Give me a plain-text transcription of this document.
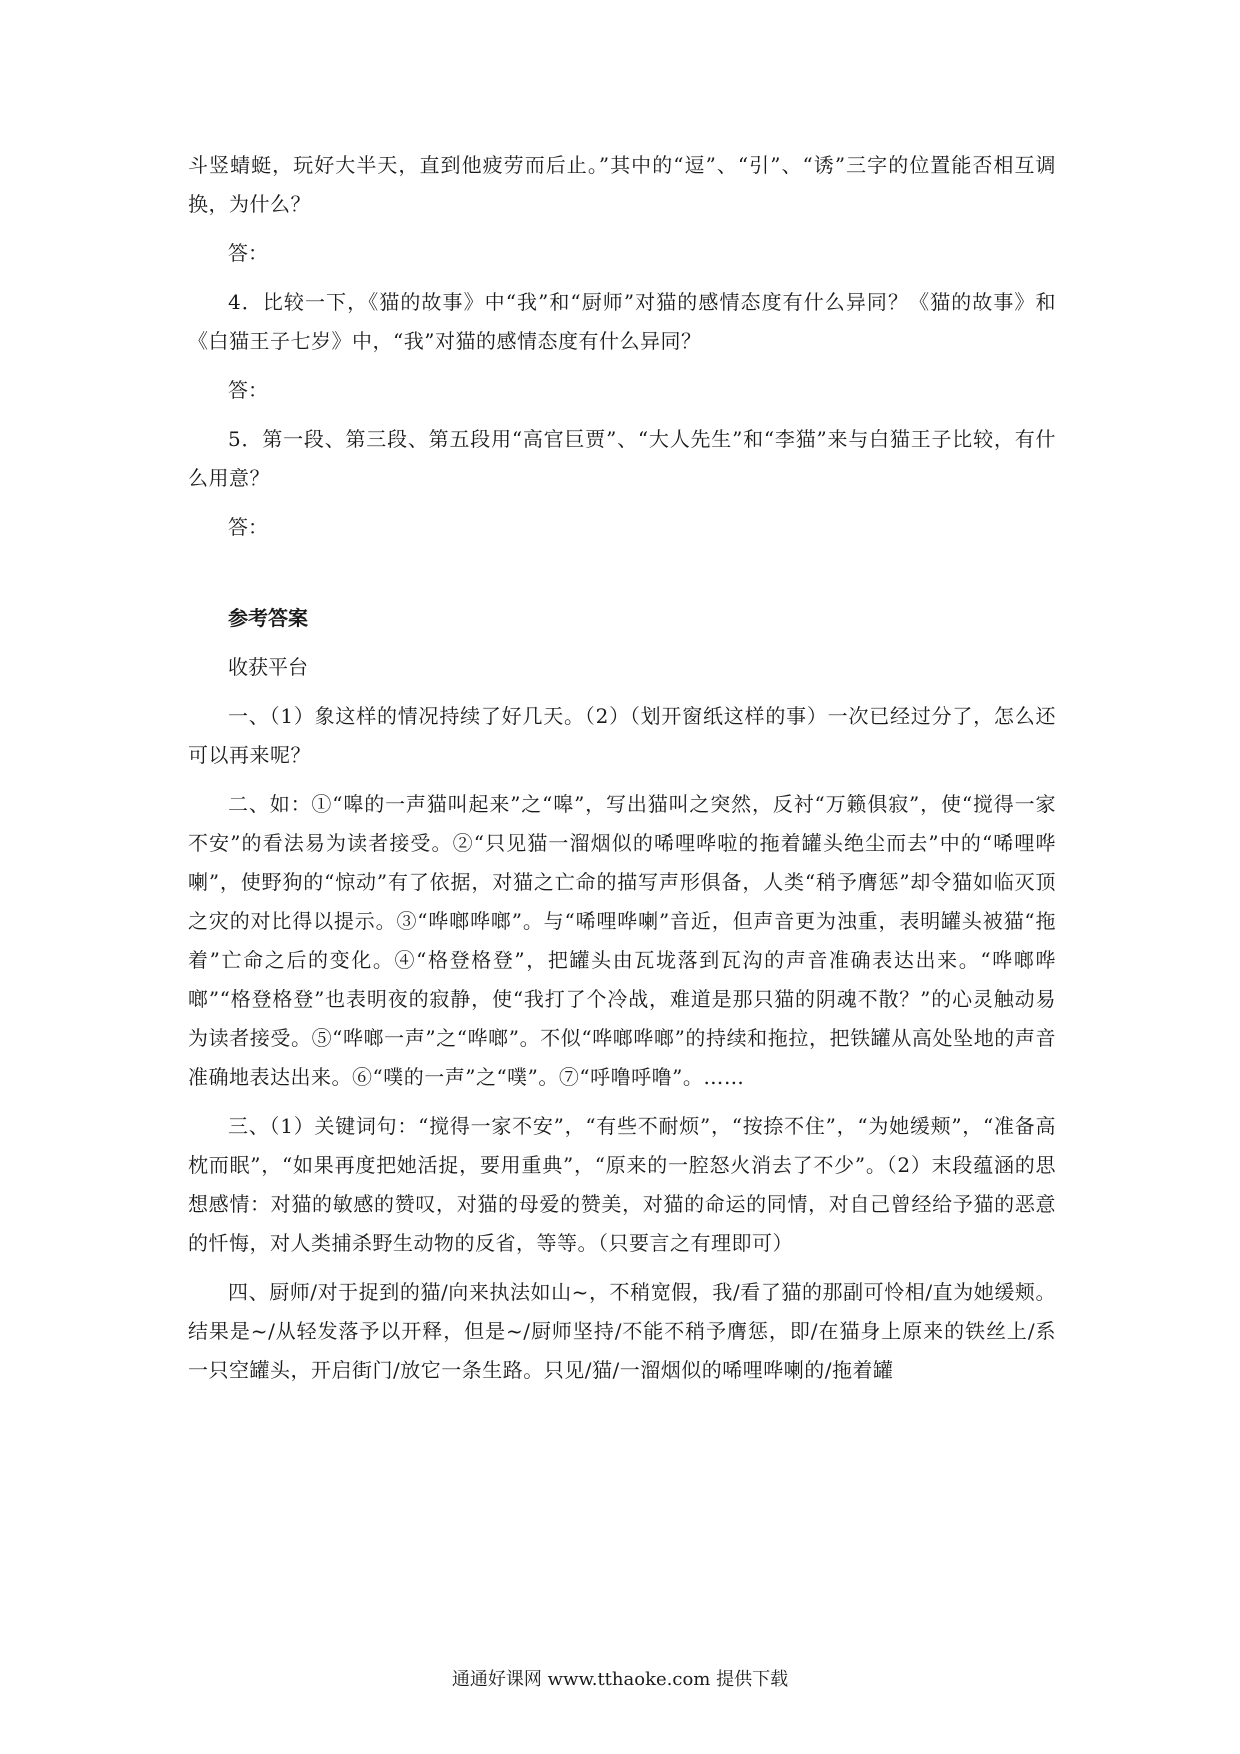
斗竖蜻蜓，玩好大半天，直到他疲劳而后止。”其中的“逗”、“引”、“诱”三字的位置能否相互调换，为什么？

答：

4．比较一下，《猫的故事》中“我”和“厨师”对猫的感情态度有什么异同？《猫的故事》和《白猫王子七岁》中，“我”对猫的感情态度有什么异同？

答：

5．第一段、第三段、第五段用“高官巨贾”、“大人先生”和“李猫”来与白猫王子比较，有什么用意？

答：

参考答案
收获平台

一、（1）象这样的情况持续了好几天。（2）（划开窗纸这样的事）一次已经过分了，怎么还可以再来呢？

二、如：①“嗥的一声猫叫起来”之“嗥”，写出猫叫之突然，反衬“万籁俱寂”，使“搅得一家不安”的看法易为读者接受。②“只见猫一溜烟似的唏哩哗啦的拖着罐头绝尘而去”中的“唏哩哗喇”，使野狗的“惊动”有了依据，对猫之亡命的描写声形俱备，人类“稍予膺惩”却令猫如临灭顶之灾的对比得以提示。③“哗啷哗啷”。与“唏哩哗喇”音近，但声音更为浊重，表明罐头被猫“拖着”亡命之后的变化。④“格登格登”，把罐头由瓦垅落到瓦沟的声音准确表达出来。“哗啷哗啷”“格登格登”也表明夜的寂静，使“我打了个冷战，难道是那只猫的阴魂不散？”的心灵触动易为读者接受。⑤“哗啷一声”之“哗啷”。不似“哗啷哗啷”的持续和拖拉，把铁罐从高处坠地的声音准确地表达出来。⑥“噗的一声”之“噗”。⑦“呼噜呼噜”。……

三、（1）关键词句：“搅得一家不安”，“有些不耐烦”，“按捺不住”，“为她缓颊”，“准备高枕而眠”，“如果再度把她活捉，要用重典”，“原来的一腔怒火消去了不少”。（2）末段蕴涵的思想感情：对猫的敏感的赞叹，对猫的母爱的赞美，对猫的命运的同情，对自己曾经给予猫的恶意的忏悔，对人类捕杀野生动物的反省，等等。（只要言之有理即可）

四、厨师/对于捉到的猫/向来执法如山~，不稍宽假，我/看了猫的那副可怜相/直为她缓颊。结果是~/从轻发落予以开释，但是~/厨师坚持/不能不稍予膺惩，即/在猫身上原来的铁丝上/系一只空罐头，开启街门/放它一条生路。只见/猫/一溜烟似的唏哩哗喇的/拖着罐

通通好课网 www.tthaoke.com 提供下载
